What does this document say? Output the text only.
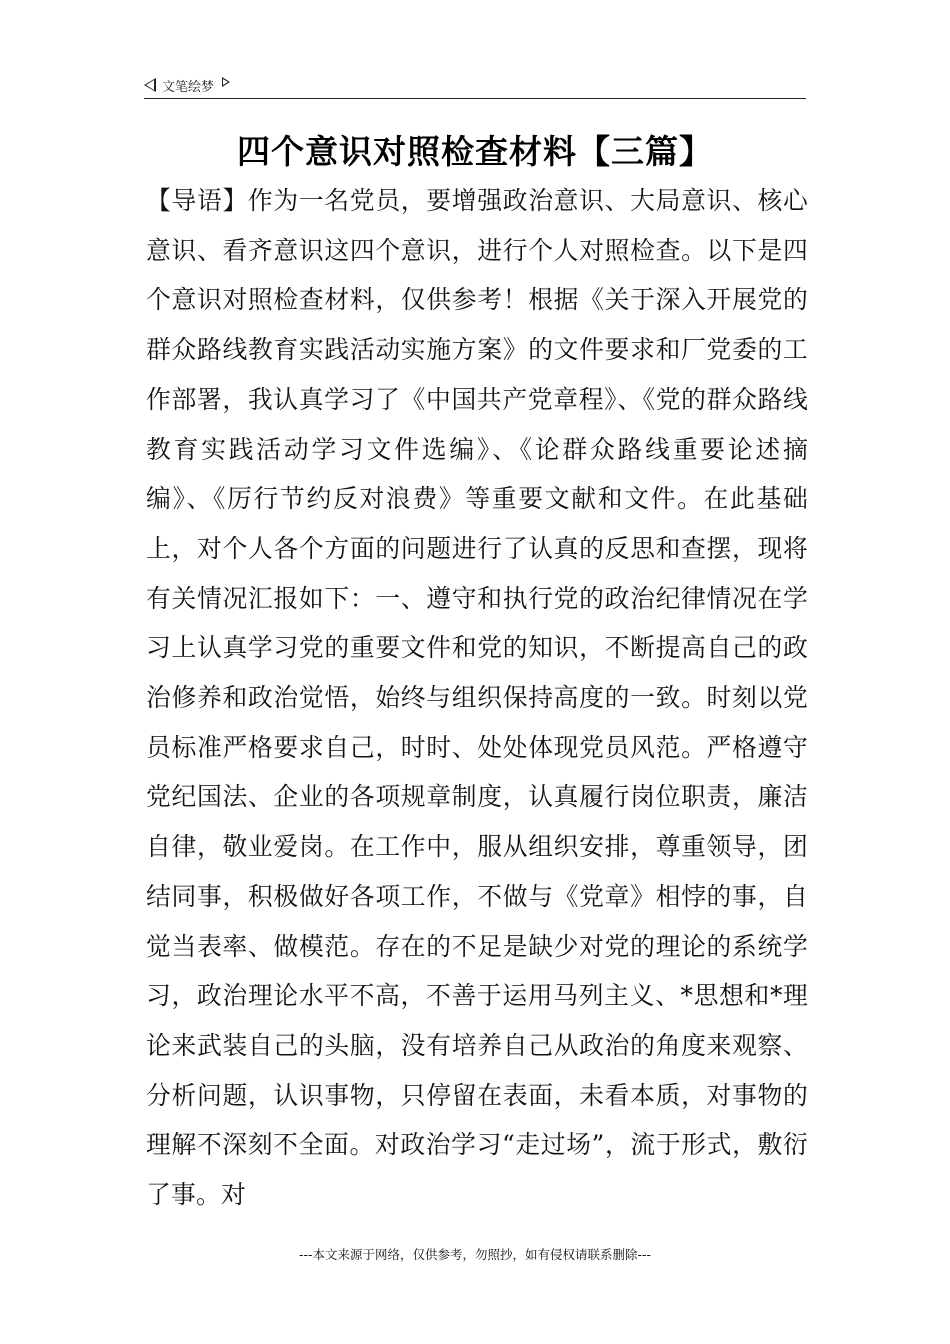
文笔绘梦
四个意识对照检查材料【三篇】

【导语】作为一名党员，要增强政治意识、大局意识、核心意识、看齐意识这四个意识，进行个人对照检查。以下是四个意识对照检查材料，仅供参考！根据《关于深入开展党的群众路线教育实践活动实施方案》的文件要求和厂党委的工作部署，我认真学习了《中国共产党章程》、《党的群众路线教育实践活动学习文件选编》、《论群众路线重要论述摘编》、《厉行节约反对浪费》等重要文献和文件。在此基础上，对个人各个方面的问题进行了认真的反思和查摆，现将有关情况汇报如下：一、遵守和执行党的政治纪律情况在学习上认真学习党的重要文件和党的知识，不断提高自己的政治修养和政治觉悟，始终与组织保持高度的一致。时刻以党员标准严格要求自己，时时、处处体现党员风范。严格遵守党纪国法、企业的各项规章制度，认真履行岗位职责，廉洁自律，敬业爱岗。在工作中，服从组织安排，尊重领导，团结同事，积极做好各项工作，不做与《党章》相悖的事，自觉当表率、做模范。存在的不足是缺少对党的理论的系统学习，政治理论水平不高，不善于运用马列主义、*思想和*理论来武装自己的头脑，没有培养自己从政治的角度来观察、分析问题，认识事物，只停留在表面，未看本质，对事物的理解不深刻不全面。对政治学习“走过场”，流于形式，敷衍了事。对

---本文来源于网络，仅供参考，勿照抄，如有侵权请联系删除---
